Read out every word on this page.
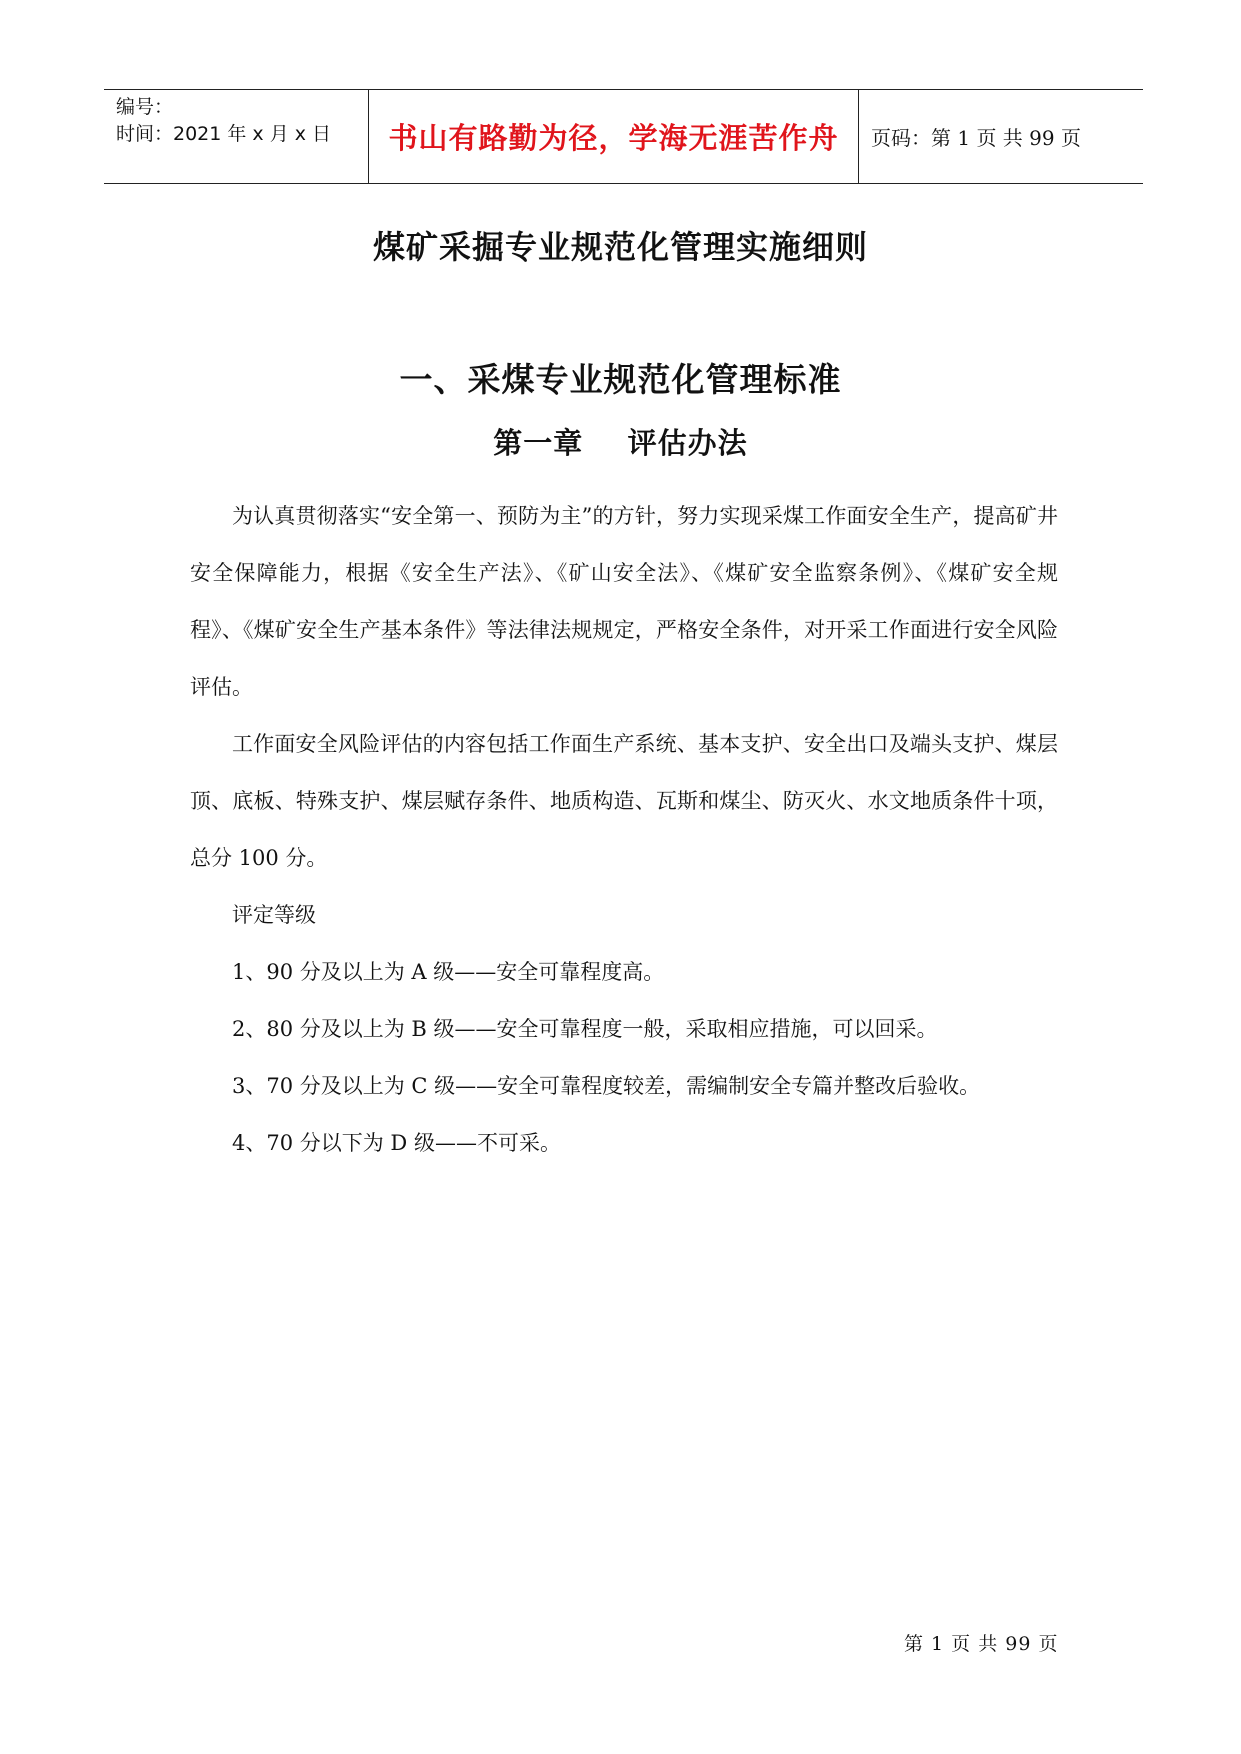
编号：
时间：2021 年 x 月 x 日	书山有路勤为径，学海无涯苦作舟	页码：第 1 页 共 99 页
煤矿采掘专业规范化管理实施细则
一、采煤专业规范化管理标准
第一章    评估办法

为认真贯彻落实“安全第一、预防为主”的方针，努力实现采煤工作面安全生产，提高矿井安全保障能力，根据《安全生产法》、《矿山安全法》、《煤矿安全监察条例》、《煤矿安全规程》、《煤矿安全生产基本条件》等法律法规规定，严格安全条件，对开采工作面进行安全风险评估。

工作面安全风险评估的内容包括工作面生产系统、基本支护、安全出口及端头支护、煤层顶、底板、特殊支护、煤层赋存条件、地质构造、瓦斯和煤尘、防灭火、水文地质条件十项，总分 100 分。

评定等级

1、90 分及以上为 A 级——安全可靠程度高。

2、80 分及以上为 B 级——安全可靠程度一般，采取相应措施，可以回采。

3、70 分及以上为 C 级——安全可靠程度较差，需编制安全专篇并整改后验收。

4、70 分以下为 D 级——不可采。

第 1 页 共 99 页
